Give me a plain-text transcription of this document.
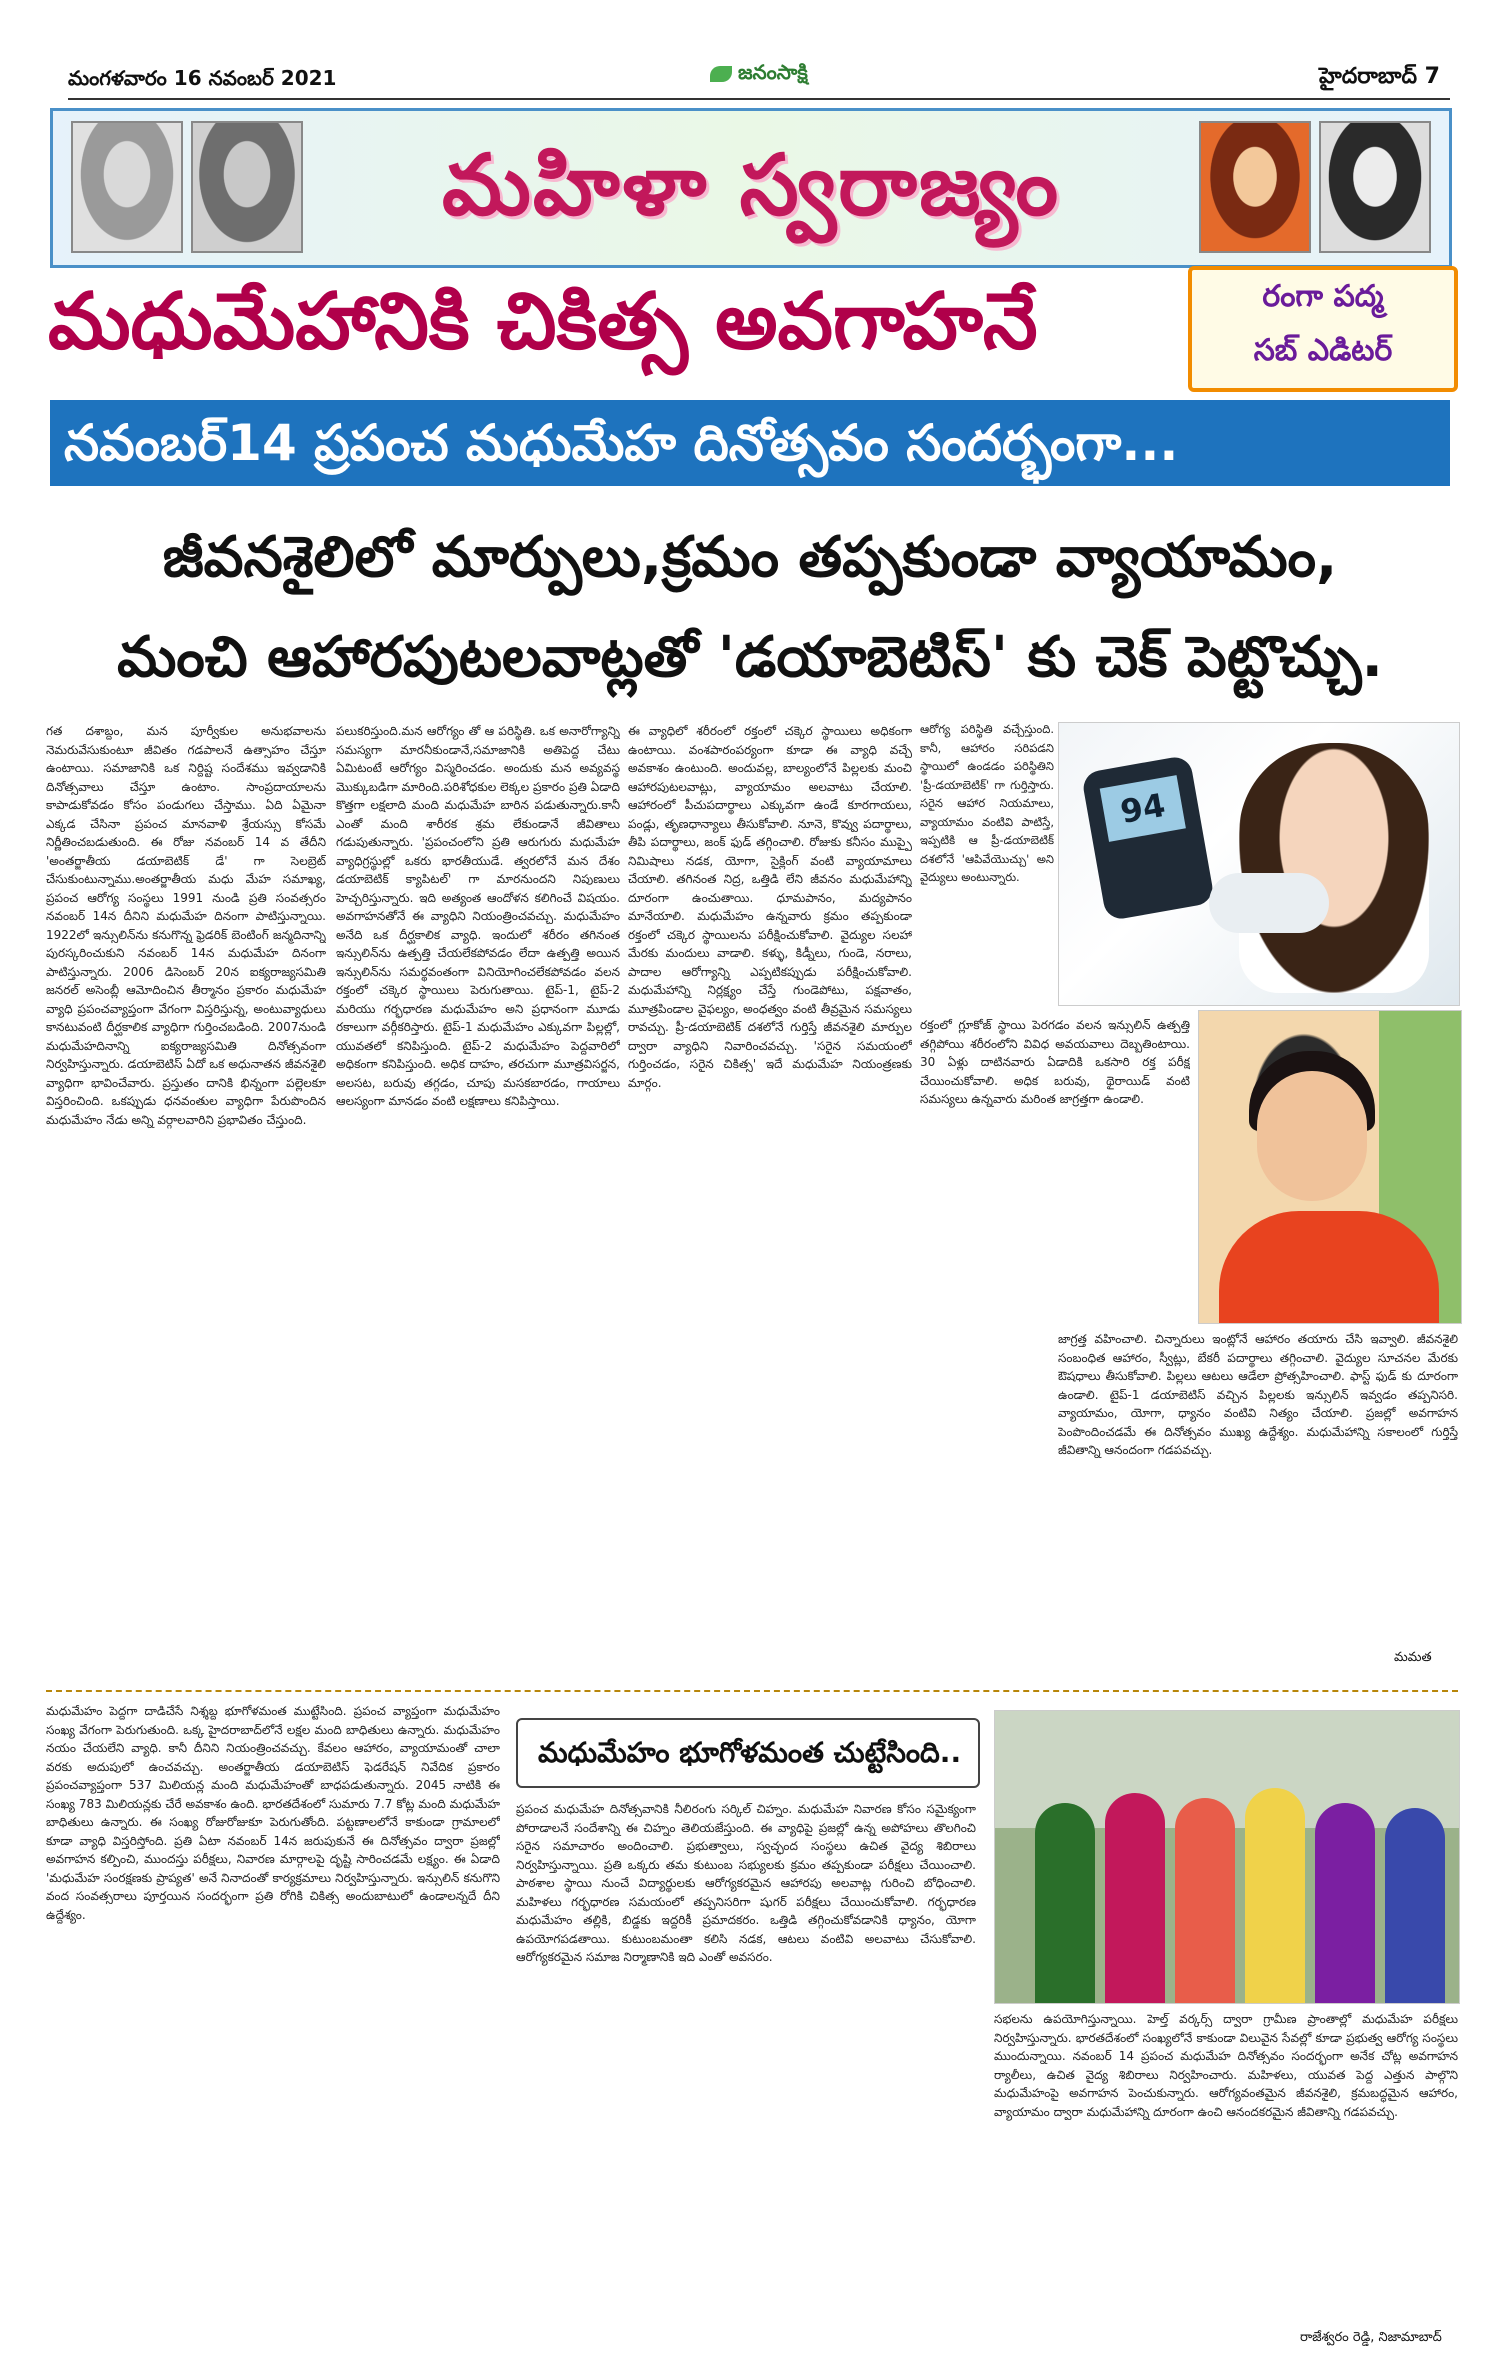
మంగళవారం 16 నవంబర్ 2021	జనంసాక్షి	హైదరాబాద్ 7
మహిళా స్వరాజ్యం
మధుమేహానికి చికిత్స అవగాహనే	రంగా పద్మ
సబ్ ఎడిటర్
నవంబర్14 ప్రపంచ మధుమేహ దినోత్సవం సందర్భంగా...
జీవనశైలిలో మార్పులు,క్రమం తప్పకుండా వ్యాయామం,
మంచి ఆహారపుటలవాట్లతో 'డయాబెటిస్' కు చెక్ పెట్టొచ్చు.

గత దశాబ్దం, మన పూర్వీకుల అనుభవాలను నెమరువేసుకుంటూ జీవితం గడపాలనే ఉత్సాహం చేస్తూ ఉంటాయి. సమాజానికి ఒక నిర్దిష్ట సందేశము ఇవ్వడానికి దినోత్సవాలు చేస్తూ ఉంటాం. సాంప్రదాయాలను కాపాడుకోవడం కోసం పండుగలు చేస్తాము. ఏది ఏమైనా ఎక్కడ చేసినా ప్రపంచ మానవాళి శ్రేయస్సు కోసమే నిర్ణీతించబడుతుంది. ఈ రోజు నవంబర్ 14 వ తేదీని 'అంతర్జాతీయ డయాబెటిక్ డే' గా సెలబ్రెట్ చేసుకుంటున్నాము.అంతర్జాతీయ మధు మేహ సమాఖ్య, ప్రపంచ ఆరోగ్య సంస్థలు 1991 నుండి ప్రతి సంవత్సరం నవంబర్ 14న దీనిని మధుమేహ దినంగా పాటిస్తున్నాయి. 1922లో ఇన్సులిన్‌ను కనుగొన్న ఫ్రెడరిక్ బెంటింగ్ జన్మదినాన్ని పురస్కరించుకుని నవంబర్ 14న మధుమేహ దినంగా పాటిస్తున్నారు. 2006 డిసెంబర్ 20న ఐక్యరాజ్యసమితి జనరల్ అసెంబ్లీ ఆమోదించిన తీర్మానం ప్రకారం మధుమేహ వ్యాధి ప్రపంచవ్యాప్తంగా వేగంగా విస్తరిస్తున్న, అంటువ్యాధులు కానటువంటి దీర్ఘకాలిక వ్యాధిగా గుర్తించబడింది. 2007నుండి మధుమేహదినాన్ని ఐక్యరాజ్యసమితి దినోత్సవంగా నిర్వహిస్తున్నారు. డయాబెటిస్ ఏదో ఒక అధునాతన జీవనశైలి వ్యాధిగా భావించేవారు. ప్రస్తుతం దానికి భిన్నంగా పల్లెలకూ విస్తరించింది. ఒకప్పుడు ధనవంతుల వ్యాధిగా పేరుపొందిన మధుమేహం నేడు అన్ని వర్గాలవారిని ప్రభావితం చేస్తుంది.

పలుకరిస్తుంది.మన ఆరోగ్యం తో ఆ పరిస్థితి. ఒక అనారోగ్యాన్ని సమస్యగా మారనీకుండానే,సమాజానికి అతిపెద్ద చేటు ఏమిటంటే ఆరోగ్యం విస్మరించడం. అందుకు మన అవ్యవస్థ మొక్కుబడిగా మారింది.పరిశోధకుల లెక్కల ప్రకారం ప్రతి ఏడాది కొత్తగా లక్షలాది మంది మధుమేహ బారిన పడుతున్నారు.కానీ ఎంతో మంది శారీరక శ్రమ లేకుండానే జీవితాలు గడుపుతున్నారు. 'ప్రపంచంలోని ప్రతి ఆరుగురు మధుమేహ వ్యాధిగ్రస్థుల్లో ఒకరు భారతీయుడే. త్వరలోనే మన దేశం డయాబెటిక్ క్యాపిటల్' గా మారనుందని నిపుణులు హెచ్చరిస్తున్నారు. ఇది అత్యంత ఆందోళన కలిగించే విషయం. అవగాహనతోనే ఈ వ్యాధిని నియంత్రించవచ్చు. మధుమేహం అనేది ఒక దీర్ఘకాలిక వ్యాధి. ఇందులో శరీరం తగినంత ఇన్సులిన్‌ను ఉత్పత్తి చేయలేకపోవడం లేదా ఉత్పత్తి అయిన ఇన్సులిన్‌ను సమర్థవంతంగా వినియోగించలేకపోవడం వలన రక్తంలో చక్కెర స్థాయిలు పెరుగుతాయి. టైప్-1, టైప్-2 మరియు గర్భధారణ మధుమేహం అని ప్రధానంగా మూడు రకాలుగా వర్గీకరిస్తారు. టైప్-1 మధుమేహం ఎక్కువగా పిల్లల్లో, యువతలో కనిపిస్తుంది. టైప్-2 మధుమేహం పెద్దవారిలో అధికంగా కనిపిస్తుంది. అధిక దాహం, తరచుగా మూత్రవిసర్జన, అలసట, బరువు తగ్గడం, చూపు మసకబారడం, గాయాలు ఆలస్యంగా మానడం వంటి లక్షణాలు కనిపిస్తాయి.

ఈ వ్యాధిలో శరీరంలో రక్తంలో చక్కెర స్థాయిలు అధికంగా ఉంటాయి. వంశపారంపర్యంగా కూడా ఈ వ్యాధి వచ్చే అవకాశం ఉంటుంది. అందువల్ల, బాల్యంలోనే పిల్లలకు మంచి ఆహారపుటలవాట్లు, వ్యాయామం అలవాటు చేయాలి. ఆహారంలో పీచుపదార్థాలు ఎక్కువగా ఉండే కూరగాయలు, పండ్లు, తృణధాన్యాలు తీసుకోవాలి. నూనె, కొవ్వు పదార్థాలు, తీపి పదార్థాలు, జంక్ ఫుడ్ తగ్గించాలి. రోజుకు కనీసం ముప్పై నిమిషాలు నడక, యోగా, సైక్లింగ్ వంటి వ్యాయామాలు చేయాలి. తగినంత నిద్ర, ఒత్తిడి లేని జీవనం మధుమేహాన్ని దూరంగా ఉంచుతాయి. ధూమపానం, మద్యపానం మానేయాలి. మధుమేహం ఉన్నవారు క్రమం తప్పకుండా రక్తంలో చక్కెర స్థాయిలను పరీక్షించుకోవాలి. వైద్యుల సలహా మేరకు మందులు వాడాలి. కళ్ళు, కిడ్నీలు, గుండె, నరాలు, పాదాల ఆరోగ్యాన్ని ఎప్పటికప్పుడు పరీక్షించుకోవాలి. మధుమేహాన్ని నిర్లక్ష్యం చేస్తే గుండెపోటు, పక్షవాతం, మూత్రపిండాల వైఫల్యం, అంధత్వం వంటి తీవ్రమైన సమస్యలు రావచ్చు. ప్రీ-డయాబెటిక్ దశలోనే గుర్తిస్తే జీవనశైలి మార్పుల ద్వారా వ్యాధిని నివారించవచ్చు. 'సరైన సమయంలో గుర్తించడం, సరైన చికిత్స' ఇదే మధుమేహ నియంత్రణకు మార్గం.

ఆరోగ్య పరిస్థితి వచ్చేస్తుంది. కానీ, ఆహారం సరిపడని స్థాయిలో ఉండడం పరిస్థితిని 'ప్రీ-డయాబెటిక్' గా గుర్తిస్తారు. సరైన ఆహార నియమాలు, వ్యాయామం వంటివి పాటిస్తే, ఇప్పటికి ఆ ప్రీ-డయాబెటిక్ దశలోనే 'ఆపివేయొచ్చు' అని వైద్యులు అంటున్నారు.

94

రక్తంలో గ్లూకోజ్ స్థాయి పెరగడం వలన ఇన్సులిన్ ఉత్పత్తి తగ్గిపోయి శరీరంలోని వివిధ అవయవాలు దెబ్బతింటాయి. 30 ఏళ్లు దాటినవారు ఏడాదికి ఒకసారి రక్త పరీక్ష చేయించుకోవాలి. అధిక బరువు, థైరాయిడ్ వంటి సమస్యలు ఉన్నవారు మరింత జాగ్రత్తగా ఉండాలి.

జాగ్రత్త వహించాలి. చిన్నారులు ఇంట్లోనే ఆహారం తయారు చేసి ఇవ్వాలి. జీవనశైలి సంబంధిత ఆహారం, స్వీట్లు, బేకరీ పదార్థాలు తగ్గించాలి. వైద్యుల సూచనల మేరకు ఔషధాలు తీసుకోవాలి. పిల్లలు ఆటలు ఆడేలా ప్రోత్సహించాలి. ఫాస్ట్ ఫుడ్ కు దూరంగా ఉండాలి. టైప్-1 డయాబెటిస్ వచ్చిన పిల్లలకు ఇన్సులిన్ ఇవ్వడం తప్పనిసరి. వ్యాయామం, యోగా, ధ్యానం వంటివి నిత్యం చేయాలి. ప్రజల్లో అవగాహన పెంపొందించడమే ఈ దినోత్సవం ముఖ్య ఉద్దేశ్యం. మధుమేహాన్ని సకాలంలో గుర్తిస్తే జీవితాన్ని ఆనందంగా గడపవచ్చు.

మమత

మధుమేహం పెద్దగా దాడిచేసే నిశ్శబ్ద భూగోళమంత ముట్టేసింది. ప్రపంచ వ్యాప్తంగా మధుమేహం సంఖ్య వేగంగా పెరుగుతుంది. ఒక్క హైదరాబాద్‌లోనే లక్షల మంది బాధితులు ఉన్నారు. మధుమేహం నయం చేయలేని వ్యాధి. కానీ దీనిని నియంత్రించవచ్చు. కేవలం ఆహారం, వ్యాయామంతో చాలా వరకు అదుపులో ఉంచవచ్చు. అంతర్జాతీయ డయాబెటిస్ ఫెడరేషన్ నివేదిక ప్రకారం ప్రపంచవ్యాప్తంగా 537 మిలియన్ల మంది మధుమేహంతో బాధపడుతున్నారు. 2045 నాటికి ఈ సంఖ్య 783 మిలియన్లకు చేరే అవకాశం ఉంది. భారతదేశంలో సుమారు 7.7 కోట్ల మంది మధుమేహ బాధితులు ఉన్నారు. ఈ సంఖ్య రోజురోజుకూ పెరుగుతోంది. పట్టణాలలోనే కాకుండా గ్రామాలలో కూడా వ్యాధి విస్తరిస్తోంది. ప్రతి ఏటా నవంబర్ 14న జరుపుకునే ఈ దినోత్సవం ద్వారా ప్రజల్లో అవగాహన కల్పించి, ముందస్తు పరీక్షలు, నివారణ మార్గాలపై దృష్టి సారించడమే లక్ష్యం. ఈ ఏడాది 'మధుమేహ సంరక్షణకు ప్రాప్యత' అనే నినాదంతో కార్యక్రమాలు నిర్వహిస్తున్నారు. ఇన్సులిన్ కనుగొని వంద సంవత్సరాలు పూర్తయిన సందర్భంగా ప్రతి రోగికి చికిత్స అందుబాటులో ఉండాలన్నదే దీని ఉద్దేశ్యం.

మధుమేహం భూగోళమంత చుట్టేసింది..

ప్రపంచ మధుమేహ దినోత్సవానికి నీలిరంగు సర్కిల్ చిహ్నం. మధుమేహ నివారణ కోసం సమైక్యంగా పోరాడాలనే సందేశాన్ని ఈ చిహ్నం తెలియజేస్తుంది. ఈ వ్యాధిపై ప్రజల్లో ఉన్న అపోహలు తొలగించి సరైన సమాచారం అందించాలి. ప్రభుత్వాలు, స్వచ్ఛంద సంస్థలు ఉచిత వైద్య శిబిరాలు నిర్వహిస్తున్నాయి. ప్రతి ఒక్కరు తమ కుటుంబ సభ్యులకు క్రమం తప్పకుండా పరీక్షలు చేయించాలి. పాఠశాల స్థాయి నుంచే విద్యార్థులకు ఆరోగ్యకరమైన ఆహారపు అలవాట్ల గురించి బోధించాలి. మహిళలు గర్భధారణ సమయంలో తప్పనిసరిగా షుగర్ పరీక్షలు చేయించుకోవాలి. గర్భధారణ మధుమేహం తల్లికి, బిడ్డకు ఇద్దరికీ ప్రమాదకరం. ఒత్తిడి తగ్గించుకోవడానికి ధ్యానం, యోగా ఉపయోగపడతాయి. కుటుంబమంతా కలిసి నడక, ఆటలు వంటివి అలవాటు చేసుకోవాలి. ఆరోగ్యకరమైన సమాజ నిర్మాణానికి ఇది ఎంతో అవసరం.

సభలను ఉపయోగిస్తున్నాయి. హెల్త్ వర్కర్స్ ద్వారా గ్రామీణ ప్రాంతాల్లో మధుమేహ పరీక్షలు నిర్వహిస్తున్నారు. భారతదేశంలో సంఖ్యలోనే కాకుండా విలువైన సేవల్లో కూడా ప్రభుత్వ ఆరోగ్య సంస్థలు ముందున్నాయి. నవంబర్ 14 ప్రపంచ మధుమేహ దినోత్సవం సందర్భంగా అనేక చోట్ల అవగాహన ర్యాలీలు, ఉచిత వైద్య శిబిరాలు నిర్వహించారు. మహిళలు, యువత పెద్ద ఎత్తున పాల్గొని మధుమేహంపై అవగాహన పెంచుకున్నారు. ఆరోగ్యవంతమైన జీవనశైలి, క్రమబద్ధమైన ఆహారం, వ్యాయామం ద్వారా మధుమేహాన్ని దూరంగా ఉంచి ఆనందకరమైన జీవితాన్ని గడపవచ్చు.

రాజేశ్వరం రెడ్డి, నిజామాబాద్
